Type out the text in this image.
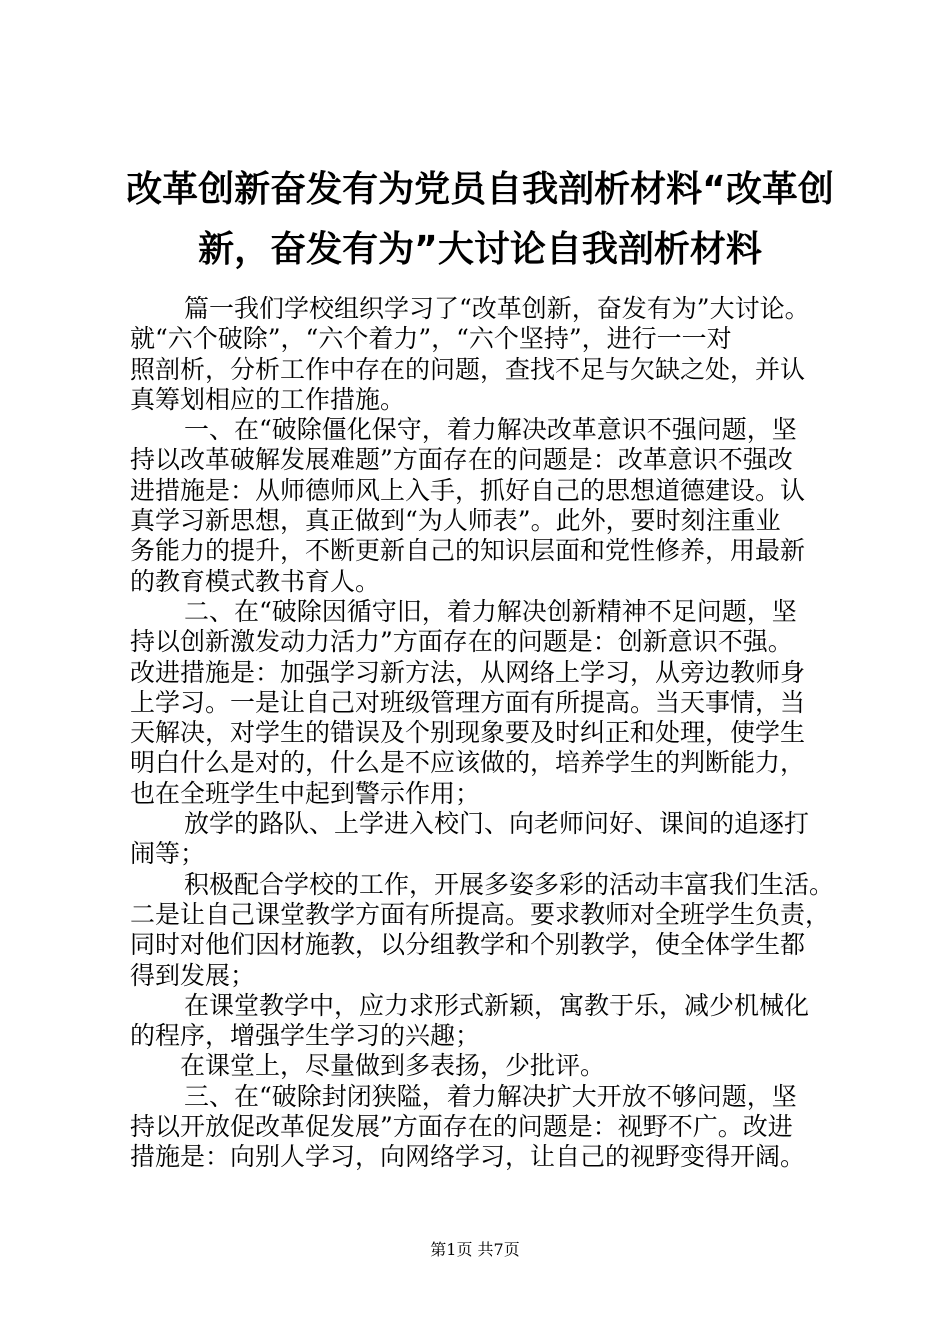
改革创新奋发有为党员自我剖析材料“改革创
新，奋发有为”大讨论自我剖析材料

篇一我们学校组织学习了“改革创新，奋发有为”大讨论。
就“六个破除”，“六个着力”，“六个坚持”，进行一一对
照剖析，分析工作中存在的问题，查找不足与欠缺之处，并认
真筹划相应的工作措施。

一、在“破除僵化保守，着力解决改革意识不强问题，坚
持以改革破解发展难题”方面存在的问题是：改革意识不强改
进措施是：从师德师风上入手，抓好自己的思想道德建设。认
真学习新思想，真正做到“为人师表”。此外，要时刻注重业
务能力的提升，不断更新自己的知识层面和党性修养，用最新
的教育模式教书育人。

二、在“破除因循守旧，着力解决创新精神不足问题，坚
持以创新激发动力活力”方面存在的问题是：创新意识不强。
改进措施是：加强学习新方法，从网络上学习，从旁边教师身
上学习。一是让自己对班级管理方面有所提高。当天事情，当
天解决，对学生的错误及个别现象要及时纠正和处理，使学生
明白什么是对的，什么是不应该做的，培养学生的判断能力，
也在全班学生中起到警示作用；

放学的路队、上学进入校门、向老师问好、课间的追逐打
闹等；

积极配合学校的工作，开展多姿多彩的活动丰富我们生活。
二是让自己课堂教学方面有所提高。要求教师对全班学生负责，
同时对他们因材施教，以分组教学和个别教学，使全体学生都
得到发展；

在课堂教学中，应力求形式新颖，寓教于乐，减少机械化
的程序，增强学生学习的兴趣；

在课堂上，尽量做到多表扬，少批评。

三、在“破除封闭狭隘，着力解决扩大开放不够问题，坚
持以开放促改革促发展”方面存在的问题是：视野不广。改进
措施是：向别人学习，向网络学习，让自己的视野变得开阔。

第1页 共7页
